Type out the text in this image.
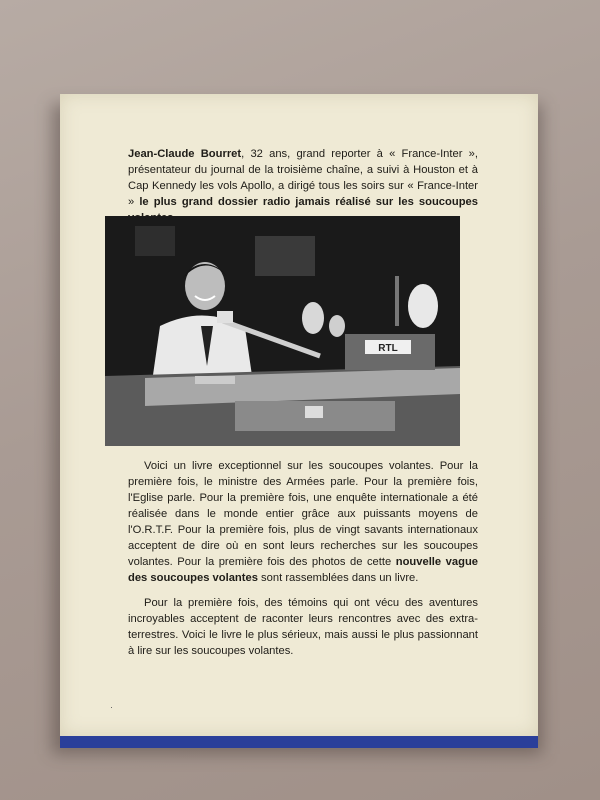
Jean-Claude Bourret, 32 ans, grand reporter à « France-Inter », présentateur du journal de la troisième chaîne, a suivi à Houston et à Cap Kennedy les vols Apollo, a dirigé tous les soirs sur « France-Inter » le plus grand dossier radio jamais réalisé sur les soucoupes

RTL

Voici un livre exceptionnel sur les soucoupes volantes. Pour la première fois, le ministre des Armées parle. Pour la première fois, l'Eglise parle. Pour la première fois, une enquête internationale a été réalisée dans le monde entier grâce aux puissants moyens de l'O.R.T.F. Pour la première fois, plus de vingt savants internationaux acceptent de dire où en sont leurs recherches sur les soucoupes volantes. Pour la première fois des photos de cette nouvelle vague des soucoupes volantes sont rassemblées dans un livre.

Pour la première fois, des témoins qui ont vécu des aventures incroyables acceptent de raconter leurs rencontres avec des extra-terrestres. Voici le livre le plus sérieux, mais aussi le plus passionnant à lire sur les soucoupes volantes.

·
